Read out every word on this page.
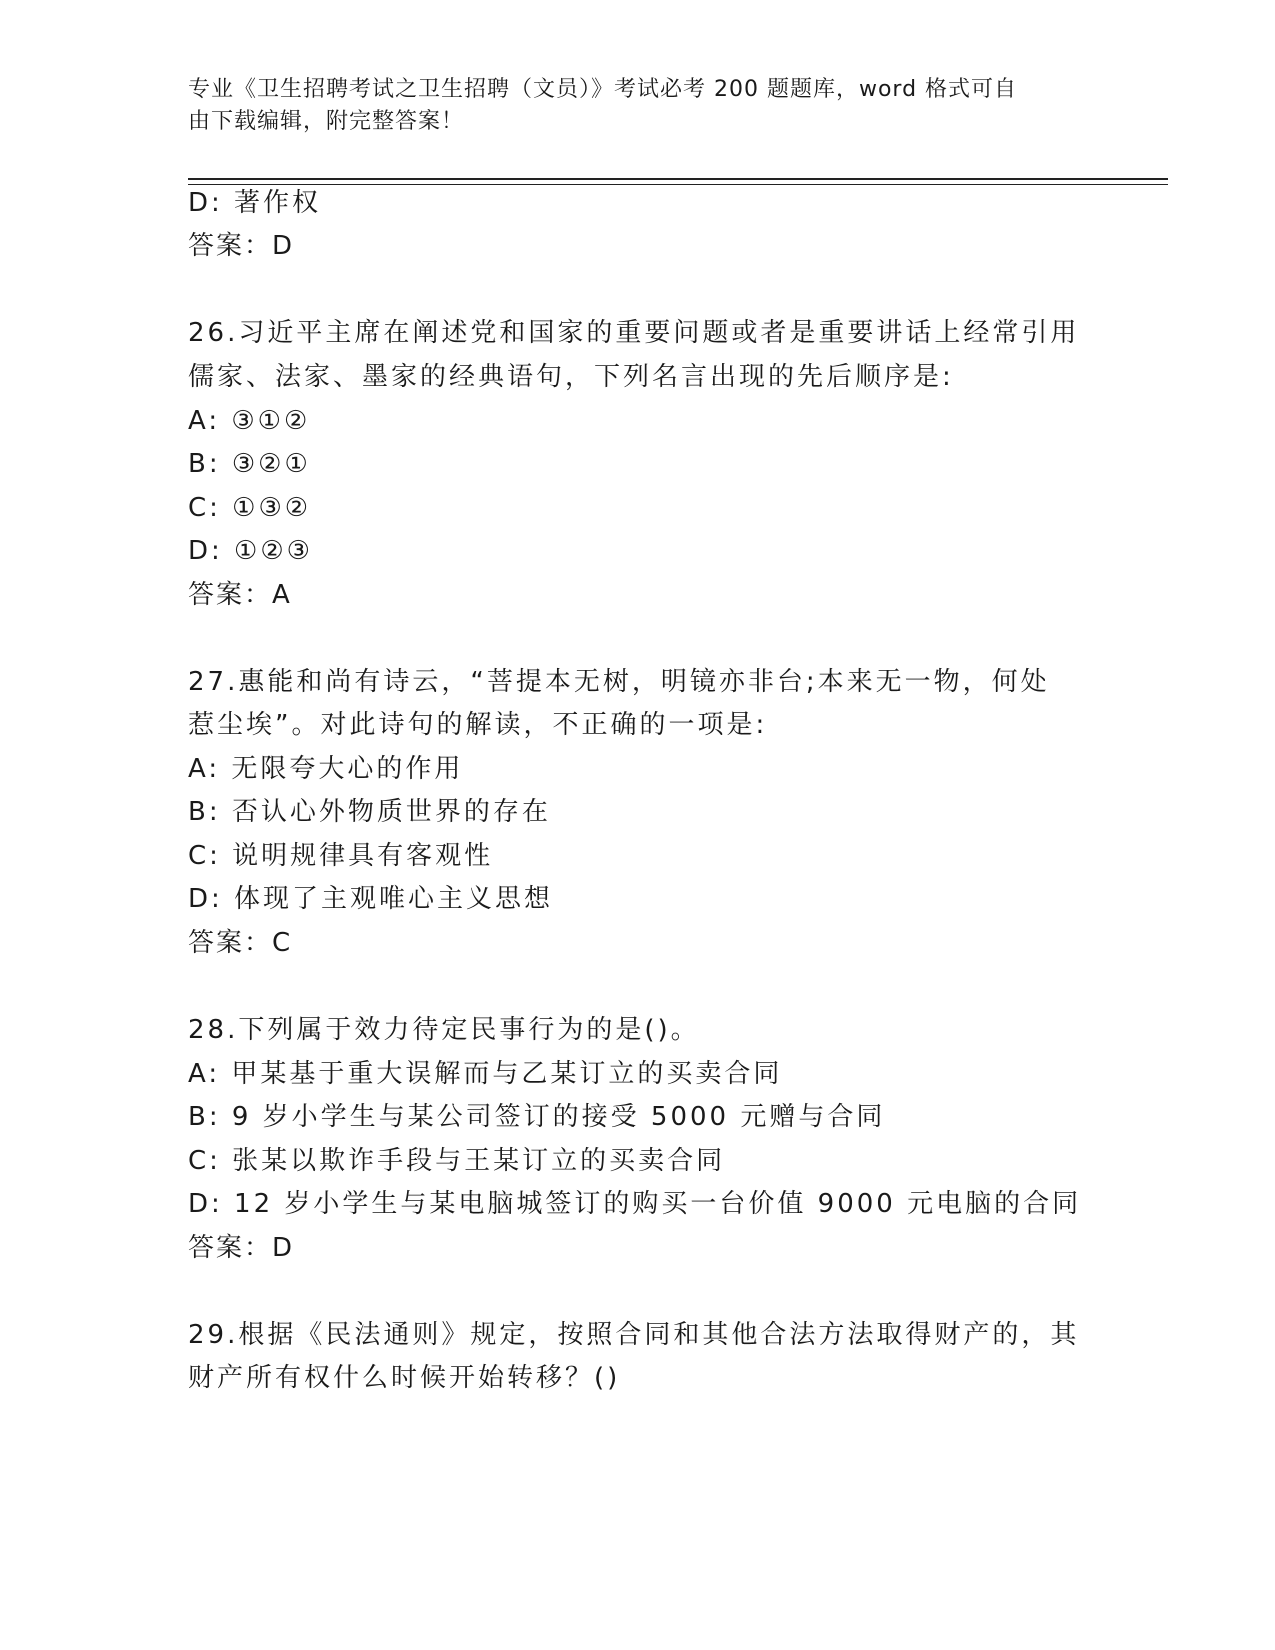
专业《卫生招聘考试之卫生招聘（文员）》考试必考 200 题题库，word 格式可自
由下载编辑，附完整答案！
D: 著作权
答案：D
26.习近平主席在阐述党和国家的重要问题或者是重要讲话上经常引用
儒家、法家、墨家的经典语句，下列名言出现的先后顺序是:
A: ③①②
B: ③②①
C: ①③②
D: ①②③
答案：A
27.惠能和尚有诗云，“菩提本无树，明镜亦非台;本来无一物，何处
惹尘埃”。对此诗句的解读，不正确的一项是:
A: 无限夸大心的作用
B: 否认心外物质世界的存在
C: 说明规律具有客观性
D: 体现了主观唯心主义思想
答案：C
28.下列属于效力待定民事行为的是()。
A: 甲某基于重大误解而与乙某订立的买卖合同
B: 9 岁小学生与某公司签订的接受 5000 元赠与合同
C: 张某以欺诈手段与王某订立的买卖合同
D: 12 岁小学生与某电脑城签订的购买一台价值 9000 元电脑的合同
答案：D
29.根据《民法通则》规定，按照合同和其他合法方法取得财产的，其
财产所有权什么时候开始转移？()
